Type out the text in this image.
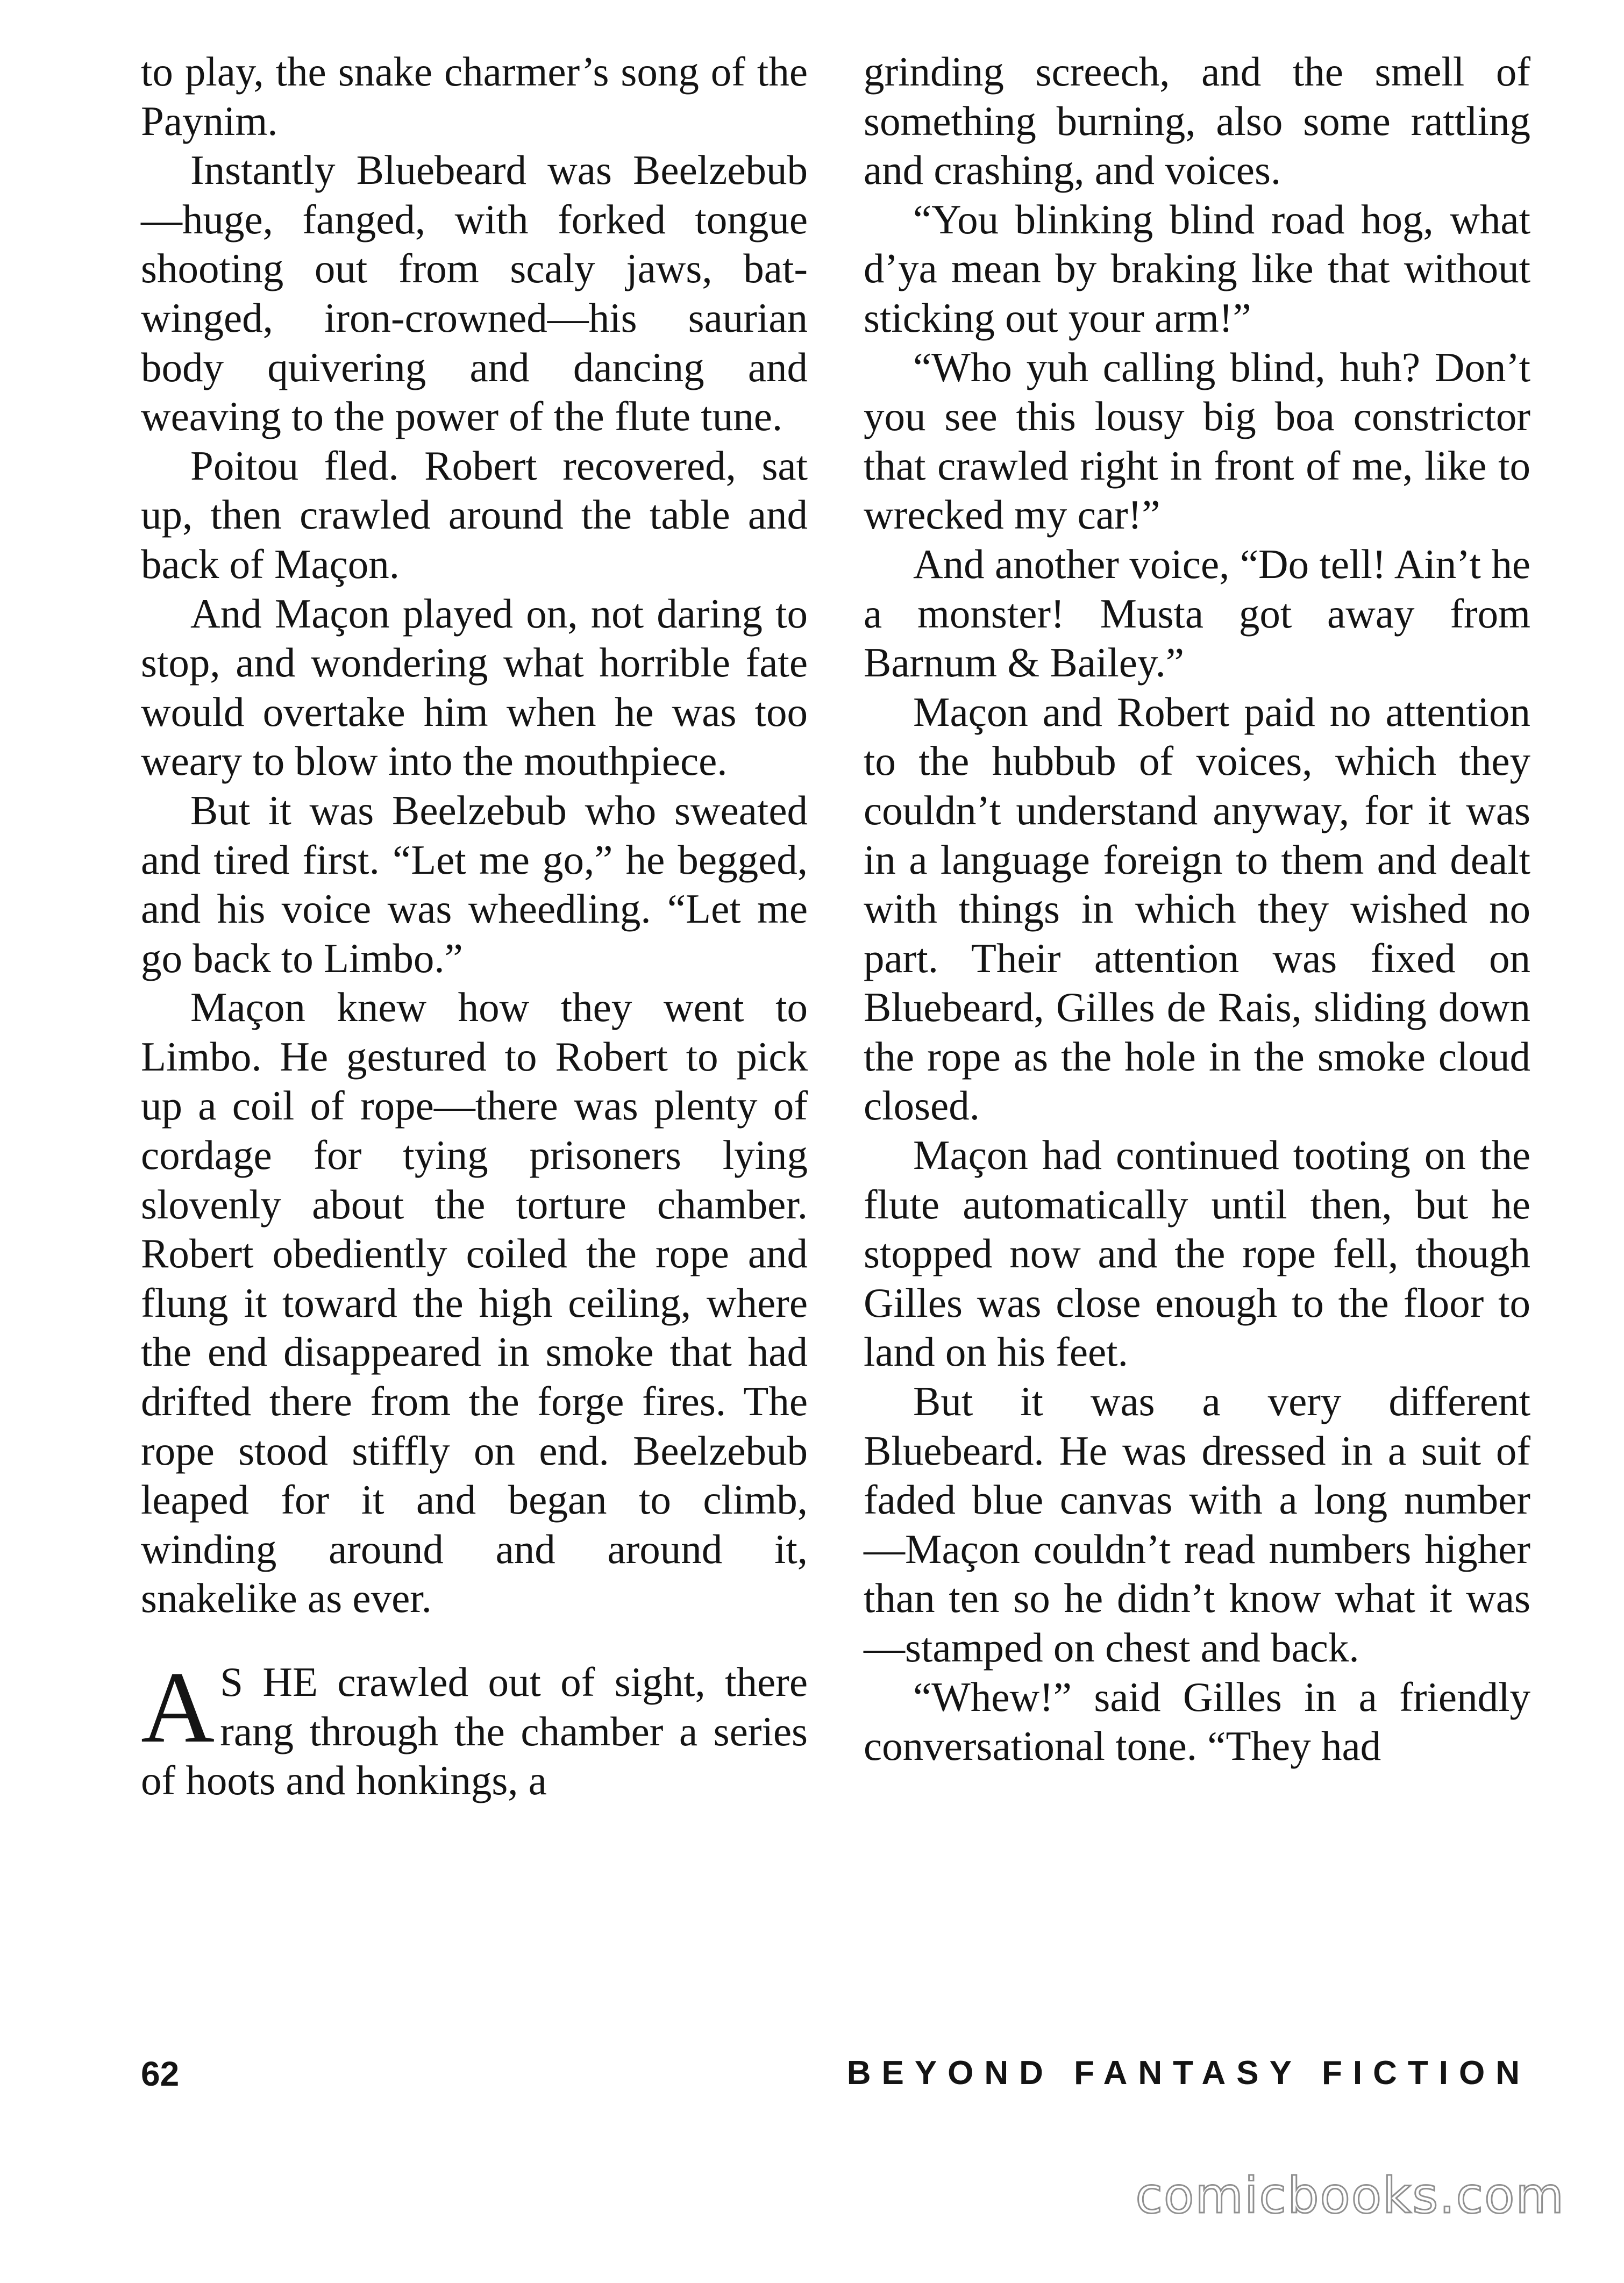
to play, the snake charmer’s song of the Paynim.

Instantly Bluebeard was Beelzebub—huge, fanged, with forked tongue shooting out from scaly jaws, bat-winged, iron-crowned—his saurian body quivering and dancing and weaving to the power of the flute tune.

Poitou fled. Robert recovered, sat up, then crawled around the table and back of Maçon.

And Maçon played on, not daring to stop, and wondering what horrible fate would overtake him when he was too weary to blow into the mouthpiece.

But it was Beelzebub who sweated and tired first. “Let me go,” he begged, and his voice was wheedling. “Let me go back to Limbo.”

Maçon knew how they went to Limbo. He gestured to Robert to pick up a coil of rope—there was plenty of cordage for tying prisoners lying slovenly about the torture chamber. Robert obediently coiled the rope and flung it toward the high ceiling, where the end disappeared in smoke that had drifted there from the forge fires. The rope stood stiffly on end. Beelzebub leaped for it and began to climb, winding around and around it, snakelike as ever.

A S HE crawled out of sight, there rang through the chamber a series of hoots and honkings, a

grinding screech, and the smell of something burning, also some rattling and crashing, and voices.

“You blinking blind road hog, what d’ya mean by braking like that without sticking out your arm!”

“Who yuh calling blind, huh? Don’t you see this lousy big boa constrictor that crawled right in front of me, like to wrecked my car!”

And another voice, “Do tell! Ain’t he a monster! Musta got away from Barnum & Bailey.”

Maçon and Robert paid no attention to the hubbub of voices, which they couldn’t understand anyway, for it was in a language foreign to them and dealt with things in which they wished no part. Their attention was fixed on Bluebeard, Gilles de Rais, sliding down the rope as the hole in the smoke cloud closed.

Maçon had continued tooting on the flute automatically until then, but he stopped now and the rope fell, though Gilles was close enough to the floor to land on his feet.

But it was a very different Bluebeard. He was dressed in a suit of faded blue canvas with a long number—Maçon couldn’t read numbers higher than ten so he didn’t know what it was—stamped on chest and back.

“Whew!” said Gilles in a friendly conversational tone. “They had

62	BEYOND FANTASY FICTION
comicbooks.com
